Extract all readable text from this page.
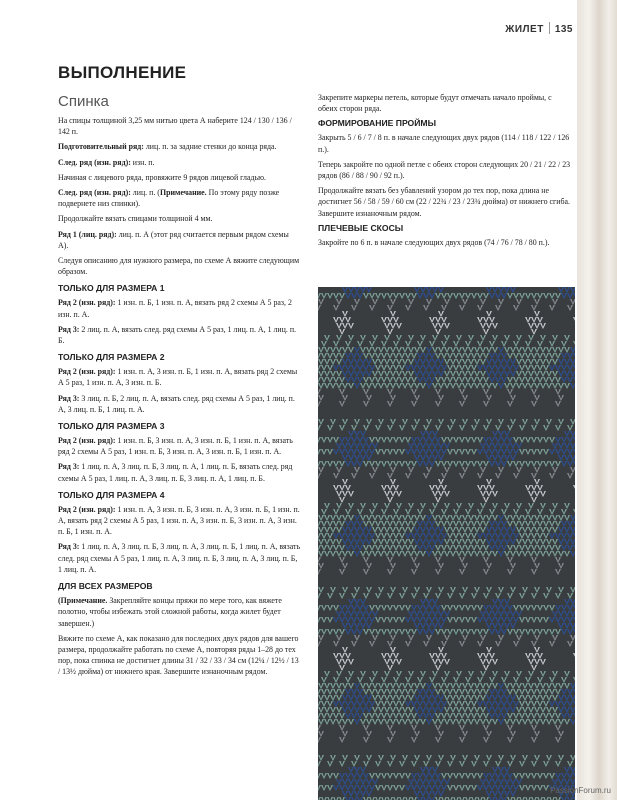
ЖИЛЕТ 135
ВЫПОЛНЕНИЕ
Спинка

На спицы толщиной 3,25 мм нитью цвета А наберите 124 / 130 / 136 / 142 п.

Подготовительный ряд: лиц. п. за задние стенки до конца ряда.

След. ряд (изн. ряд): изн. п.

Начиная с лицевого ряда, провяжите 9 рядов лицевой гладью.

След. ряд (изн. ряд): лиц. п. (Примечание. По этому ряду позже подвернете низ спинки).

Продолжайте вязать спицами толщиной 4 мм.

Ряд 1 (лиц. ряд): лиц. п. А (этот ряд считается первым рядом схемы А).

Следуя описанию для нужного размера, по схеме А вяжите следующим образом.

ТОЛЬКО ДЛЯ РАЗМЕРА 1

Ряд 2 (изн. ряд): 1 изн. п. Б, 1 изн. п. А, вязать ряд 2 схемы А 5 раз, 2 изн. п. А.

Ряд 3: 2 лиц. п. А, вязать след. ряд схемы А 5 раз, 1 лиц. п. А, 1 лиц. п. Б.

ТОЛЬКО ДЛЯ РАЗМЕРА 2

Ряд 2 (изн. ряд): 1 изн. п. А, 3 изн. п. Б, 1 изн. п. А, вязать ряд 2 схемы А 5 раз, 1 изн. п. А, 3 изн. п. Б.

Ряд 3: 3 лиц. п. Б, 2 лиц. п. А, вязать след. ряд схемы А 5 раз, 1 лиц. п. А, 3 лиц. п. Б, 1 лиц. п. А.

ТОЛЬКО ДЛЯ РАЗМЕРА 3

Ряд 2 (изн. ряд): 1 изн. п. Б, 3 изн. п. А, 3 изн. п. Б, 1 изн. п. А, вязать ряд 2 схемы А 5 раз, 1 изн. п. Б, 3 изн. п. А, 3 изн. п. Б, 1 изн. п. А.

Ряд 3: 1 лиц. п. А, 3 лиц. п. Б, 3 лиц. п. А, 1 лиц. п. Б, вязать след. ряд схемы А 5 раз, 1 лиц. п. А, 3 лиц. п. Б, 3 лиц. п. А, 1 лиц. п. Б.

ТОЛЬКО ДЛЯ РАЗМЕРА 4

Ряд 2 (изн. ряд): 1 изн. п. А, 3 изн. п. Б, 3 изн. п. А, 3 изн. п. Б, 1 изн. п. А, вязать ряд 2 схемы А 5 раз, 1 изн. п. А, 3 изн. п. Б, 3 изн. п. А, 3 изн. п. Б, 1 изн. п. А.

Ряд 3: 1 лиц. п. А, 3 лиц. п. Б, 3 лиц. п. А, 3 лиц. п. Б, 1 лиц. п. А, вязать след. ряд схемы А 5 раз, 1 лиц. п. А, 3 лиц. п. Б, 3 лиц. п. А, 3 лиц. п. Б, 1 лиц. п. А.

ДЛЯ ВСЕХ РАЗМЕРОВ

(Примечание. Закрепляйте концы пряжи по мере того, как вяжете полотно, чтобы избежать этой сложной работы, когда жилет будет завершен.)

Вяжите по схеме А, как показано для последних двух рядов для вашего размера, продолжайте работать по схеме А, повторяя ряды 1–28 до тех пор, пока спинка не достигнет длины 31 / 32 / 33 / 34 см (12¼ / 12½ / 13 / 13½ дюйма) от нижнего края. Завершите изнаночным рядом.

Закрепите маркеры петель, которые будут отмечать начало проймы, с обеих сторон ряда.

ФОРМИРОВАНИЕ ПРОЙМЫ

Закрыть 5 / 6 / 7 / 8 п. в начале следующих двух рядов (114 / 118 / 122 / 126 п.).

Теперь закройте по одной петле с обеих сторон следующих 20 / 21 / 22 / 23 рядов (86 / 88 / 90 / 92 п.).

Продолжайте вязать без убавлений узором до тех пор, пока длина не достигнет 56 / 58 / 59 / 60 см (22 / 22¾ / 23 / 23¾ дюйма) от нижнего сгиба. Завершите изнаночным рядом.

ПЛЕЧЕВЫЕ СКОСЫ

Закройте по 6 п. в начале следующих двух рядов (74 / 76 / 78 / 80 п.).

PassionForum.ru
